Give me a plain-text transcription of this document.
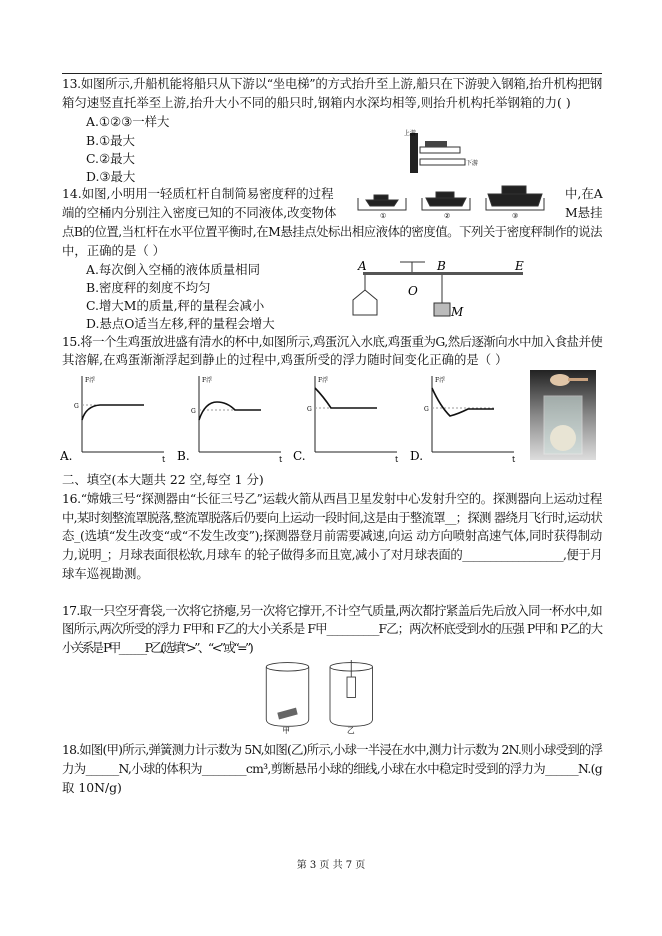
13.如图所示,升船机能将船只从下游以“坐电梯”的方式抬升至上游,船只在下游驶入钢箱,抬升机构把钢
箱匀速竖直托举至上游,抬升大小不同的船只时,钢箱内水深均相等,则抬升机构托举钢箱的力( )
A.①②③一样大
B.①最大
C.②最大
D.③最大
上游
下游
钢箱
14.如图,小明用一轻质杠杆自制简易密度秤的过程	中,在A
端的空桶内分别注入密度已知的不同液体,改变物体	M悬挂
①	②	③
点B的位置,当杠杆在水平位置平衡时,在M悬挂点处标出相应液体的密度值。下列关于密度秤制作的说法
中，正确的是（ ）
A.每次倒入空桶的液体质量相同
B.密度秤的刻度不均匀
C.增大M的质量,秤的量程会减小
D.悬点O适当左移,秤的量程会增大
A
O
B	E
M
15.将一个生鸡蛋放进盛有清水的杯中,如图所示,鸡蛋沉入水底,鸡蛋重为G,然后逐渐向水中加入食盐并使
其溶解,在鸡蛋渐渐浮起到静止的过程中,鸡蛋所受的浮力随时间变化正确的是（ ）
F浮
G
t
A.
F浮
G
t
B.
F浮
G
t
C.
F浮
G
t
D.
二、填空(本大题共 22 空,每空 1 分)
16.“嫦娥三号“探测器由“长征三号乙”运载火箭从西昌卫星发射中心发射升空的。探测器向上运动过程
中,某时刻整流罩脱落,整流罩脱落后仍要向上运动一段时间,这是由于整流罩__；探测 器绕月飞行时,运动状
态_(选填“发生改变“或“不发生改变”);探测器登月前需要减速,向运 动方向喷射高速气体,同时获得制动
力,说明_；月球表面很松软,月球车 的轮子做得多而且宽,减小了对月球表面的__________________,便于月
球车巡视勘测。
17.取一只空牙膏袋,一次将它挤瘪,另一次将它撑开,不计空气质量,两次都拧紧盖后先后放入同一杯水中,如
图所示,两次所受的浮力 F甲和 F乙的大小关系是 F甲__________F乙；两次杯底受到水的压强 P甲和 P乙的大
小关系是 P甲_______P乙(选填“>”、“<”或“=”)
甲	乙
18.如图(甲)所示,弹簧测力计示数为 5N,如图(乙)所示,小球一半浸在水中,测力计示数为 2N.则小球受到的浮
力为______N,小球的体积为________cm³,剪断悬吊小球的细线,小球在水中稳定时受到的浮力为______N.(g
取 10N/g)
第 3 页 共 7 页
